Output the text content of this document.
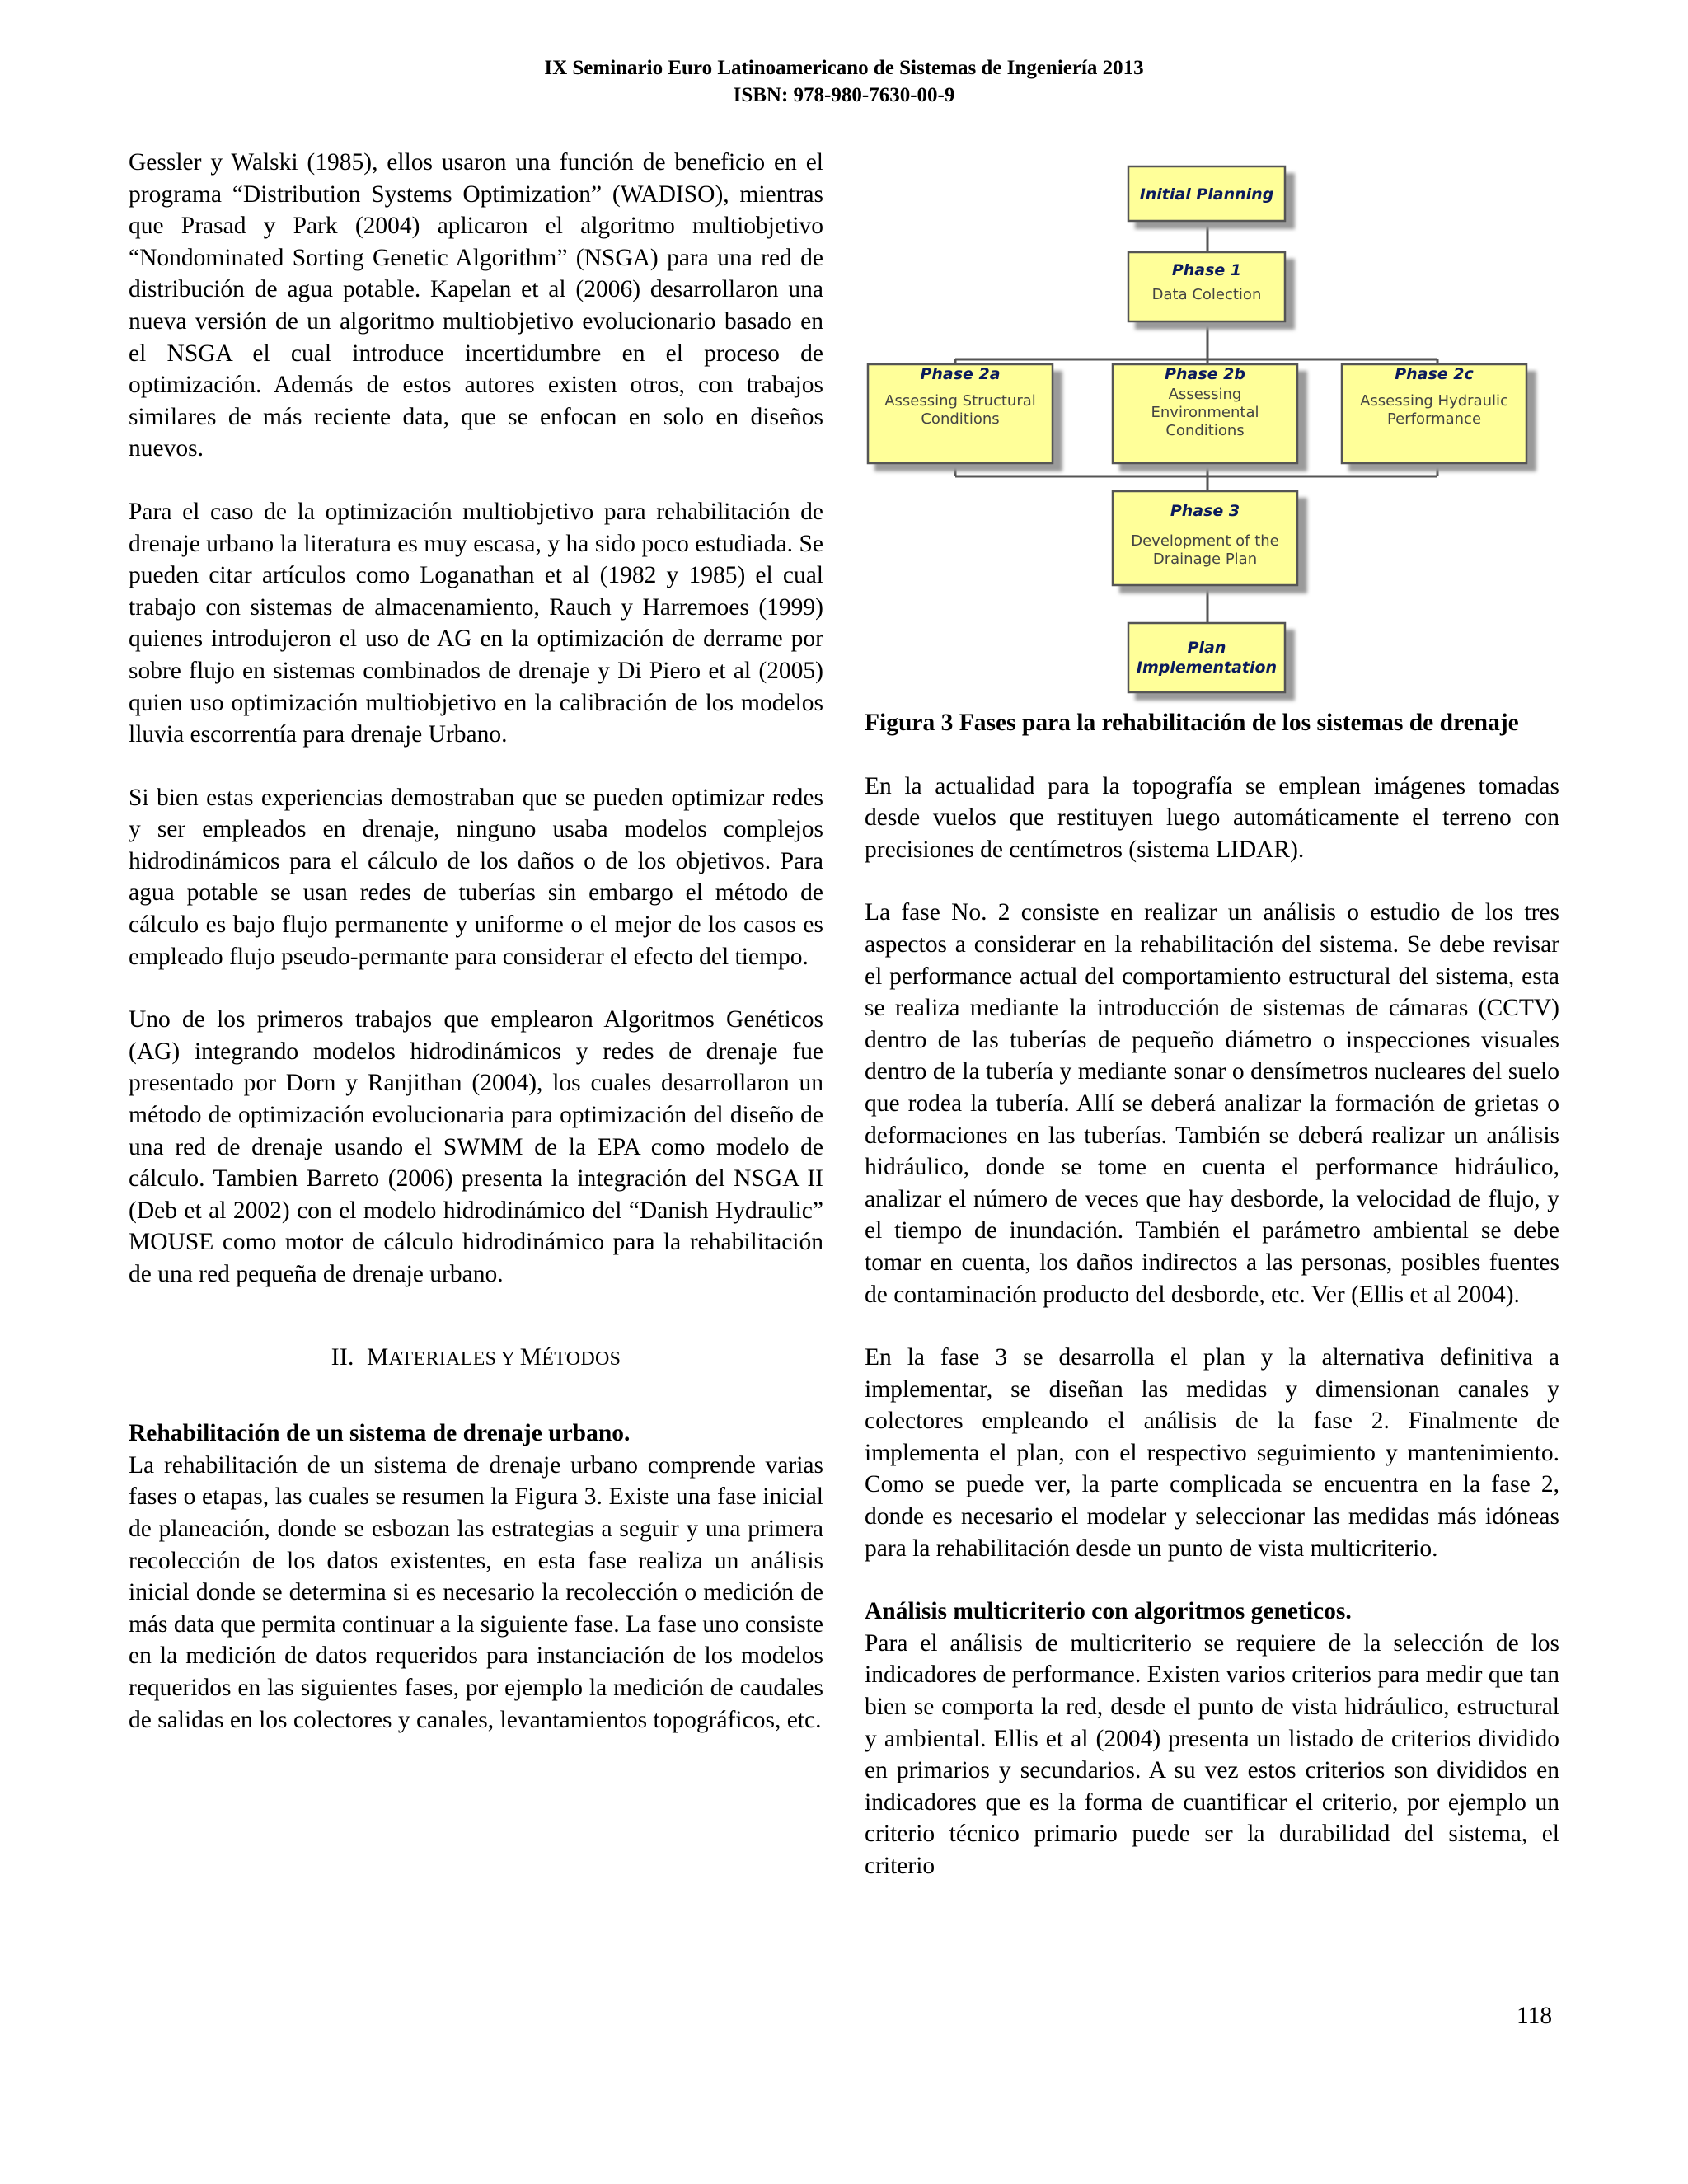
IX Seminario Euro Latinoamericano de Sistemas de Ingeniería 2013
ISBN: 978-980-7630-00-9

Gessler y Walski (1985), ellos usaron una función de beneficio en el programa “Distribution Systems Optimization” (WADISO), mientras que Prasad y Park (2004) aplicaron el algoritmo multiobjetivo “Nondominated Sorting Genetic Algorithm” (NSGA) para una red de distribución de agua potable. Kapelan et al (2006) desarrollaron una nueva versión de un algoritmo multiobjetivo evolucionario basado en el NSGA el cual introduce incertidumbre en el proceso de optimización. Además de estos autores existen otros, con trabajos similares de más reciente data, que se enfocan en solo en diseños nuevos.

Para el caso de la optimización multiobjetivo para rehabilitación de drenaje urbano la literatura es muy escasa, y ha sido poco estudiada. Se pueden citar artículos como Loganathan et al (1982 y 1985) el cual trabajo con sistemas de almacenamiento, Rauch y Harremoes (1999) quienes introdujeron el uso de AG en la optimización de derrame por sobre flujo en sistemas combinados de drenaje y Di Piero et al (2005) quien uso optimización multiobjetivo en la calibración de los modelos lluvia escorrentía para drenaje Urbano.

Si bien estas experiencias demostraban que se pueden optimizar redes y ser empleados en drenaje, ninguno usaba modelos complejos hidrodinámicos para el cálculo de los daños o de los objetivos. Para agua potable se usan redes de tuberías sin embargo el método de cálculo es bajo flujo permanente y uniforme o el mejor de los casos es empleado flujo pseudo-permante para considerar el efecto del tiempo.

Uno de los primeros trabajos que emplearon Algoritmos Genéticos (AG) integrando modelos hidrodinámicos y redes de drenaje fue presentado por Dorn y Ranjithan (2004), los cuales desarrollaron un método de optimización evolucionaria para optimización del diseño de una red de drenaje usando el SWMM de la EPA como modelo de cálculo. Tambien Barreto (2006) presenta la integración del NSGA II (Deb et al 2002) con el modelo hidrodinámico del “Danish Hydraulic” MOUSE como motor de cálculo hidrodinámico para la rehabilitación de una red pequeña de drenaje urbano.

II. MATERIALES Y MÉTODOS

Rehabilitación de un sistema de drenaje urbano.

La rehabilitación de un sistema de drenaje urbano comprende varias fases o etapas, las cuales se resumen la Figura 3. Existe una fase inicial de planeación, donde se esbozan las estrategias a seguir y una primera recolección de los datos existentes, en esta fase realiza un análisis inicial donde se determina si es necesario la recolección o medición de más data que permita continuar a la siguiente fase. La fase uno consiste en la medición de datos requeridos para instanciación de los modelos requeridos en las siguientes fases, por ejemplo la medición de caudales de salidas en los colectores y canales, levantamientos topográficos, etc.

Initial Planning
Phase 1
Data Colection
Phase 2a
Assessing Structural
Conditions
Phase 2b
Assessing
Environmental
Conditions
Phase 2c
Assessing Hydraulic
Performance
Phase 3
Development of the
Drainage Plan
Plan
Implementation

Figura 3 Fases para la rehabilitación de los sistemas de drenaje

En la actualidad para la topografía se emplean imágenes tomadas desde vuelos que restituyen luego automáticamente el terreno con precisiones de centímetros (sistema LIDAR).

La fase No. 2 consiste en realizar un análisis o estudio de los tres aspectos a considerar en la rehabilitación del sistema. Se debe revisar el performance actual del comportamiento estructural del sistema, esta se realiza mediante la introducción de sistemas de cámaras (CCTV) dentro de las tuberías de pequeño diámetro o inspecciones visuales dentro de la tubería y mediante sonar o densímetros nucleares del suelo que rodea la tubería. Allí se deberá analizar la formación de grietas o deformaciones en las tuberías. También se deberá realizar un análisis hidráulico, donde se tome en cuenta el performance hidráulico, analizar el número de veces que hay desborde, la velocidad de flujo, y el tiempo de inundación. También el parámetro ambiental se debe tomar en cuenta, los daños indirectos a las personas, posibles fuentes de contaminación producto del desborde, etc. Ver (Ellis et al 2004).

En la fase 3 se desarrolla el plan y la alternativa definitiva a implementar, se diseñan las medidas y dimensionan canales y colectores empleando el análisis de la fase 2. Finalmente de implementa el plan, con el respectivo seguimiento y mantenimiento. Como se puede ver, la parte complicada se encuentra en la fase 2, donde es necesario el modelar y seleccionar las medidas más idóneas para la rehabilitación desde un punto de vista multicriterio.

Análisis multicriterio con algoritmos geneticos.

Para el análisis de multicriterio se requiere de la selección de los indicadores de performance. Existen varios criterios para medir que tan bien se comporta la red, desde el punto de vista hidráulico, estructural y ambiental. Ellis et al (2004) presenta un listado de criterios dividido en primarios y secundarios. A su vez estos criterios son divididos en indicadores que es la forma de cuantificar el criterio, por ejemplo un criterio técnico primario puede ser la durabilidad del sistema, el criterio

118
